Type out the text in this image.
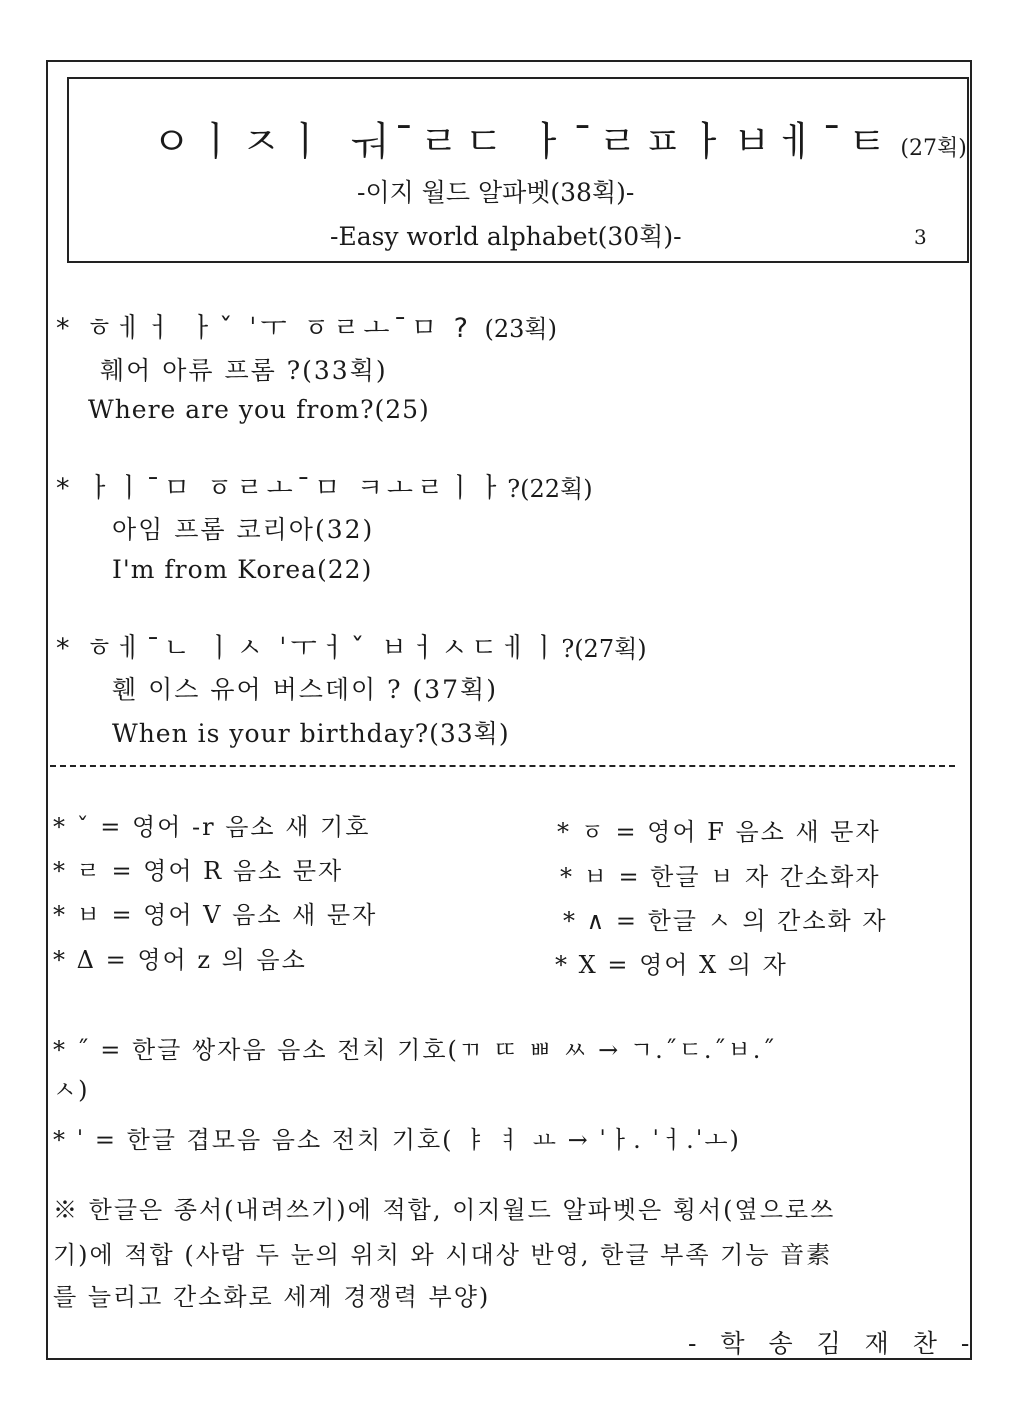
ㅇㅣㅈㅣ ㅝ¯ㄹㄷ ㅏ¯ㄹㅍㅏㅂㅔ¯ㅌ (27획)
-이지 월드 알파벳(38획)-
-Easy world alphabet(30획)-	3
* ㅎㅔㅓ ㅏˇ ˈㅜ ㆆㄹㅗ¯ㅁ ? (23획)
훼어 아류 프롬 ?(33획)
Where are you from?(25)
* ㅏㅣ¯ㅁ ㆆㄹㅗ¯ㅁ ㅋㅗㄹㅣㅏ?(22획)
아임 프롬 코리아(32)
I'm from Korea(22)
* ㅎㅔ¯ㄴ ㅣㅅ ˈㅜㅓˇ ㅂㅓㅅㄷㅔㅣ?(27획)
휀 이스 유어 버스데이 ? (37획)
When is your birthday?(33획)
* ˇ = 영어 -r 음소 새 기호
* ㄹ = 영어 R 음소 문자
* ㅂ = 영어 V 음소 새 문자
* Δ = 영어 z 의 음소
* ㆆ = 영어 F 음소 새 문자
* ㅂ = 한글 ㅂ 자 간소화자
* ∧ = 한글 ㅅ 의 간소화 자
* X = 영어 X 의 자
* ˝ = 한글 쌍자음 음소 전치 기호(ㄲ ㄸ ㅃ ㅆ → ㄱ.˝ㄷ.˝ㅂ.˝
ㅅ)
* ˈ = 한글 겹모음 음소 전치 기호( ㅑ ㅕ ㅛ → ˈㅏ. ˈㅓ.ˈㅗ)
※ 한글은 종서(내려쓰기)에 적합, 이지월드 알파벳은 횡서(옆으로쓰
기)에 적합 (사람 두 눈의 위치 와 시대상 반영, 한글 부족 기능 音素
를 늘리고 간소화로 세계 경쟁력 부양)
- 학 송 김 재 찬 -
